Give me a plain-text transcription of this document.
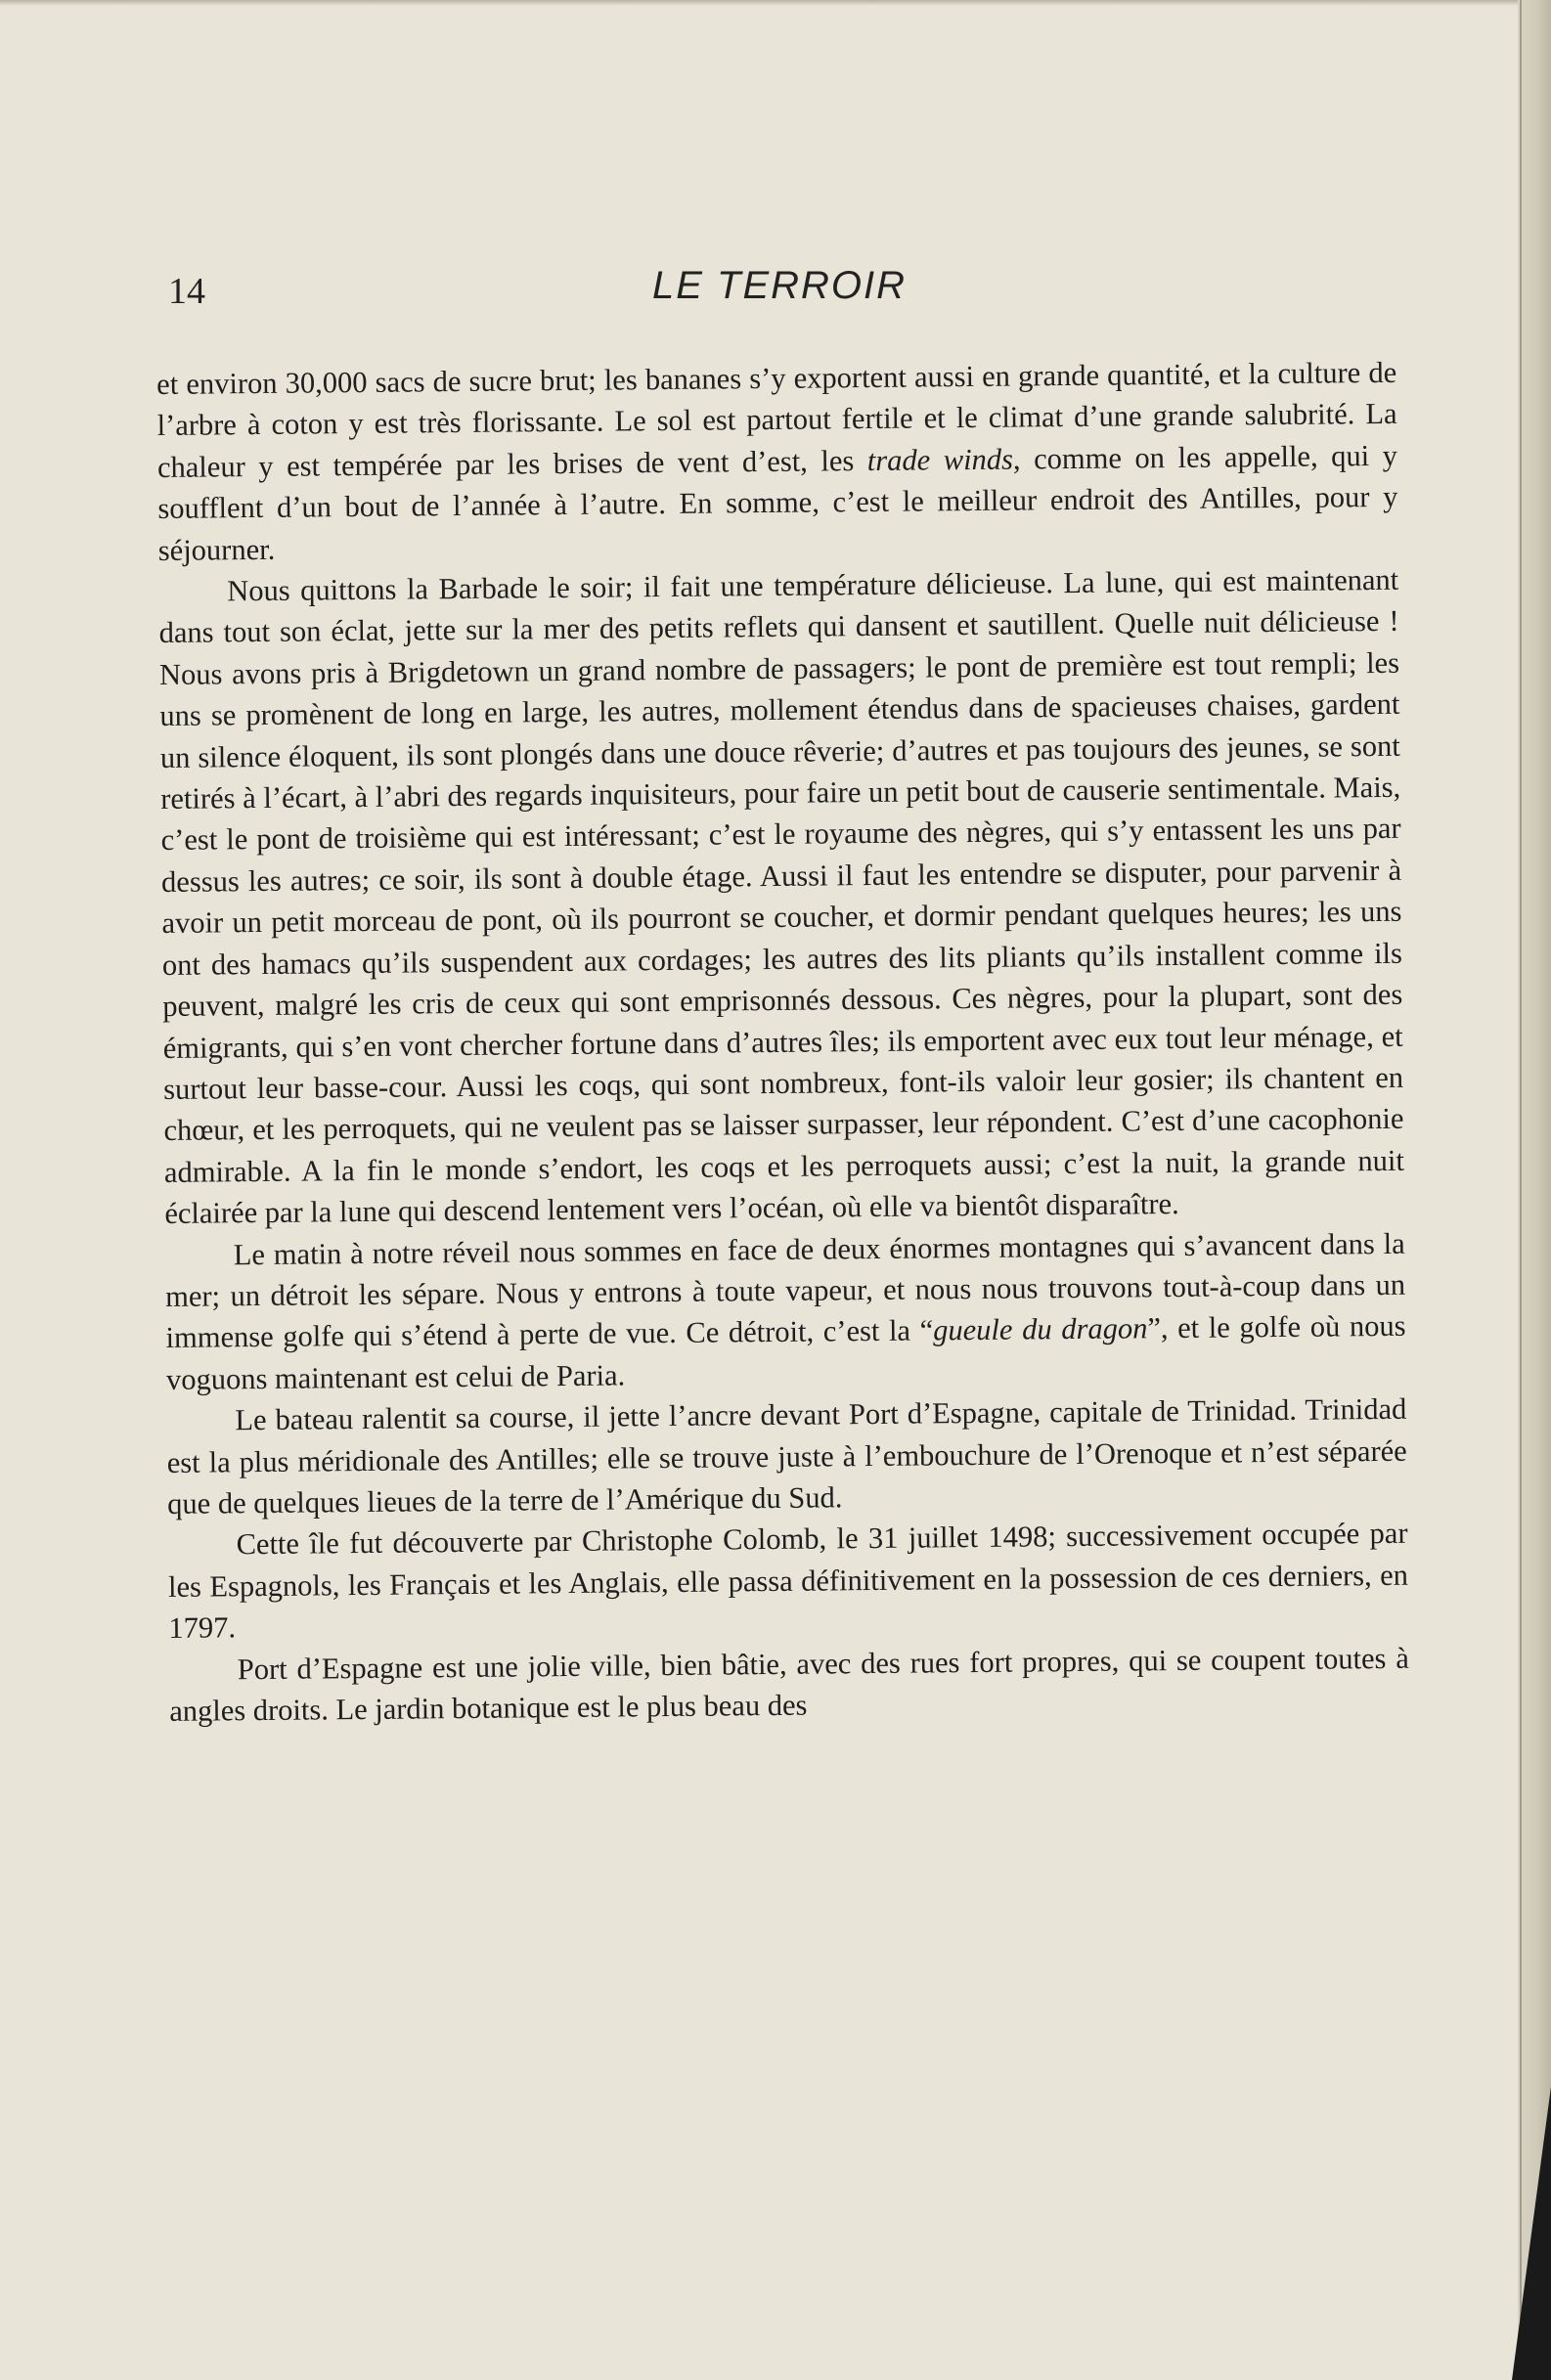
14	LE TERROIR

et environ 30,000 sacs de sucre brut; les bananes s’y exportent aussi en grande quantité, et la culture de l’arbre à coton y est très florissante. Le sol est partout fertile et le climat d’une grande salubrité. La chaleur y est tempérée par les brises de vent d’est, les trade winds, comme on les appelle, qui y soufflent d’un bout de l’année à l’autre. En somme, c’est le meilleur endroit des Antilles, pour y séjourner.

Nous quittons la Barbade le soir; il fait une température délicieuse. La lune, qui est maintenant dans tout son éclat, jette sur la mer des petits reflets qui dansent et sautillent. Quelle nuit délicieuse ! Nous avons pris à Brigdetown un grand nombre de passagers; le pont de première est tout rempli; les uns se promènent de long en large, les autres, mollement étendus dans de spacieuses chaises, gardent un silence éloquent, ils sont plongés dans une douce rêverie; d’autres et pas toujours des jeunes, se sont retirés à l’écart, à l’abri des regards inquisiteurs, pour faire un petit bout de causerie sentimentale. Mais, c’est le pont de troisième qui est intéressant; c’est le royaume des nègres, qui s’y entassent les uns par dessus les autres; ce soir, ils sont à double étage. Aussi il faut les entendre se disputer, pour parvenir à avoir un petit morceau de pont, où ils pourront se coucher, et dormir pendant quelques heures; les uns ont des hamacs qu’ils suspendent aux cordages; les autres des lits pliants qu’ils installent comme ils peuvent, malgré les cris de ceux qui sont emprisonnés dessous. Ces nègres, pour la plupart, sont des émigrants, qui s’en vont chercher fortune dans d’autres îles; ils emportent avec eux tout leur ménage, et surtout leur basse-cour. Aussi les coqs, qui sont nombreux, font-ils valoir leur gosier; ils chantent en chœur, et les perroquets, qui ne veulent pas se laisser surpasser, leur répondent. C’est d’une cacophonie admirable. A la fin le monde s’endort, les coqs et les perroquets aussi; c’est la nuit, la grande nuit éclairée par la lune qui descend lentement vers l’océan, où elle va bientôt disparaître.

Le matin à notre réveil nous sommes en face de deux énormes montagnes qui s’avancent dans la mer; un détroit les sépare. Nous y entrons à toute vapeur, et nous nous trouvons tout-à-coup dans un immense golfe qui s’étend à perte de vue. Ce détroit, c’est la “gueule du dragon”, et le golfe où nous voguons maintenant est celui de Paria.

Le bateau ralentit sa course, il jette l’ancre devant Port d’Espagne, capitale de Trinidad. Trinidad est la plus méridionale des Antilles; elle se trouve juste à l’embouchure de l’Orenoque et n’est séparée que de quelques lieues de la terre de l’Amérique du Sud.

Cette île fut découverte par Christophe Colomb, le 31 juillet 1498; successivement occupée par les Espagnols, les Français et les Anglais, elle passa définitivement en la possession de ces derniers, en 1797.

Port d’Espagne est une jolie ville, bien bâtie, avec des rues fort propres, qui se coupent toutes à angles droits. Le jardin botanique est le plus beau des
